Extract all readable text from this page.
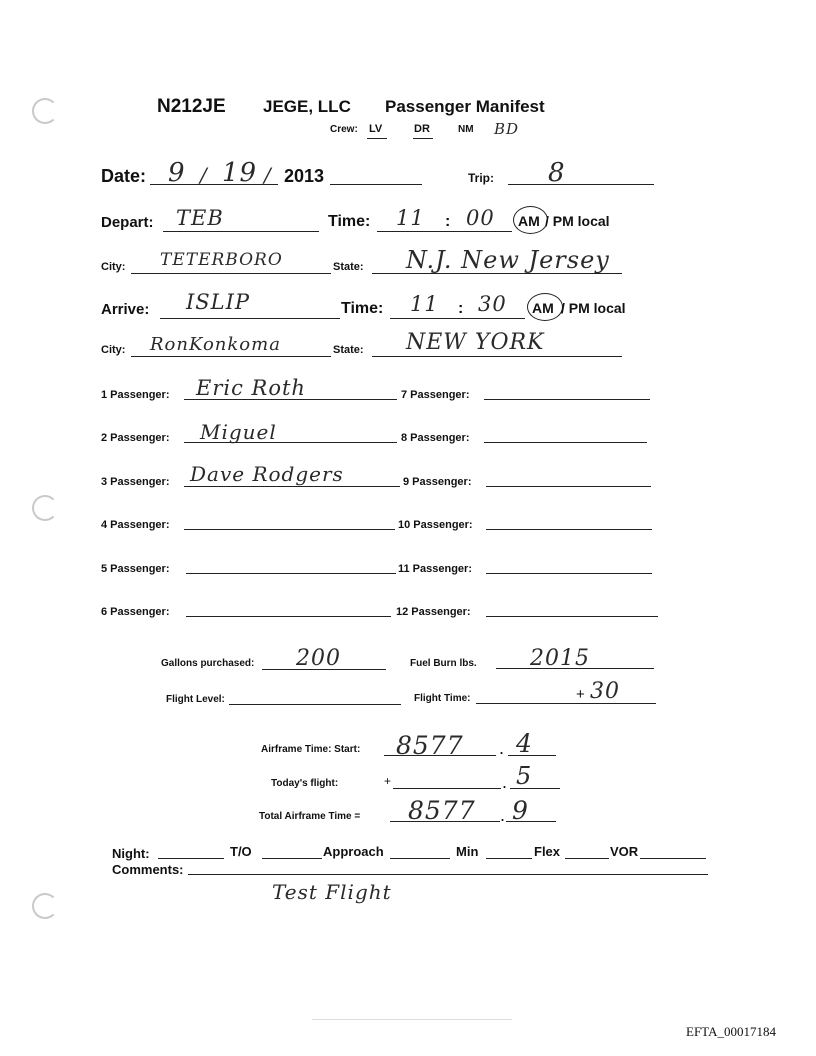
N212JE JEGE, LLC Passenger Manifest
Crew: LV	DR	NM BD
Date: 9 / 19 / 2013	Trip: 8
Depart: TEB	Time: 11 : 00 AM / PM local
City: TETERBORO	State: N.J. New Jersey
Arrive: ISLIP	Time: 11 : 30 AM / PM local
City: RonKonkoma	State: NEW YORK
1 Passenger: Eric Roth
2 Passenger: Miguel
3 Passenger: Dave Rodgers
4 Passenger:
5 Passenger:
6 Passenger:
7 Passenger:
8 Passenger:
9 Passenger:
10 Passenger:
11 Passenger:
12 Passenger:
Gallons purchased: 200	Fuel Burn lbs. 2015
Flight Level:	Flight Time:	+ 30
Airframe Time: Start: 8577 . 4
Today's flight:	+	. 5
Total Airframe Time = 8577 . 9
Night:	T/O	Approach	Min	Flex	VOR
Comments:
Test Flight
EFTA_00017184
